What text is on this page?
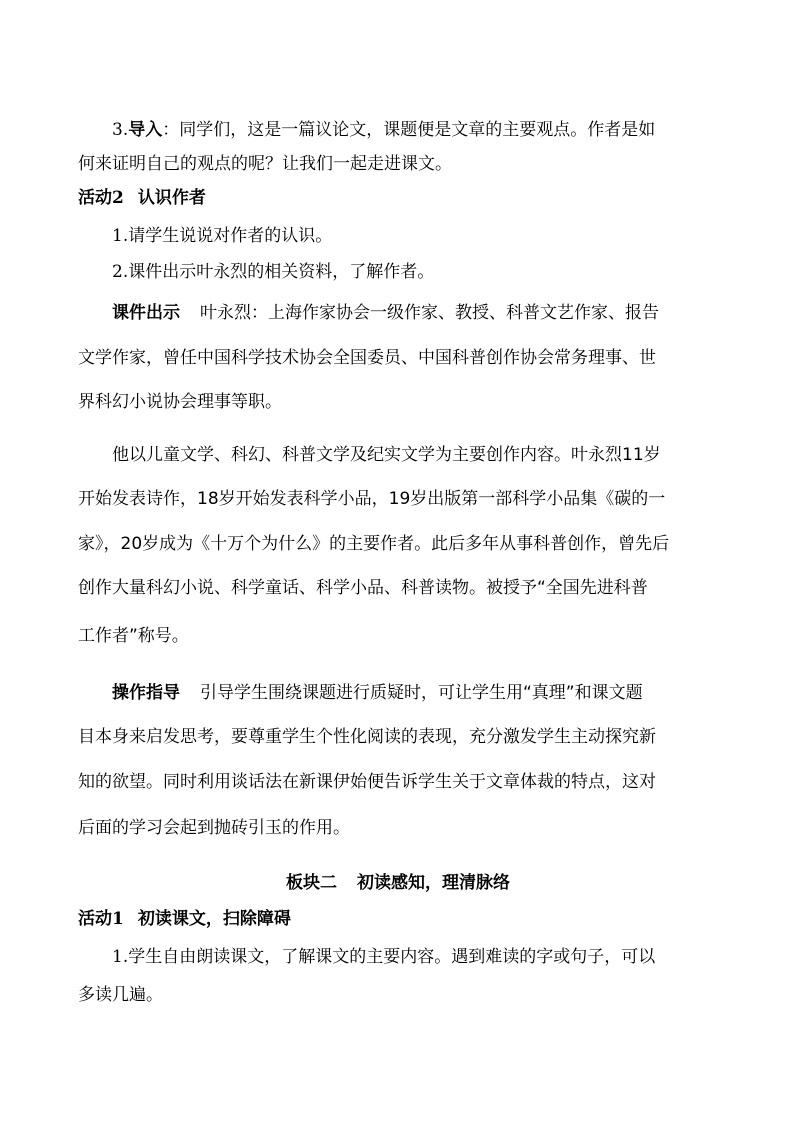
3.导入：同学们，这是一篇议论文，课题便是文章的主要观点。作者是如
何来证明自己的观点的呢？让我们一起走进课文。
活动2 认识作者
1.请学生说说对作者的认识。
2.课件出示叶永烈的相关资料，了解作者。
课件出示 叶永烈：上海作家协会一级作家、教授、科普文艺作家、报告
文学作家，曾任中国科学技术协会全国委员、中国科普创作协会常务理事、世
界科幻小说协会理事等职。
他以儿童文学、科幻、科普文学及纪实文学为主要创作内容。叶永烈11岁
开始发表诗作，18岁开始发表科学小品，19岁出版第一部科学小品集《碳的一
家》，20岁成为《十万个为什么》的主要作者。此后多年从事科普创作，曾先后
创作大量科幻小说、科学童话、科学小品、科普读物。被授予“全国先进科普
工作者”称号。
操作指导 引导学生围绕课题进行质疑时，可让学生用“真理”和课文题
目本身来启发思考，要尊重学生个性化阅读的表现，充分激发学生主动探究新
知的欲望。同时利用谈话法在新课伊始便告诉学生关于文章体裁的特点，这对
后面的学习会起到抛砖引玉的作用。
板块二 初读感知，理清脉络
活动1 初读课文，扫除障碍
1.学生自由朗读课文，了解课文的主要内容。遇到难读的字或句子，可以
多读几遍。
